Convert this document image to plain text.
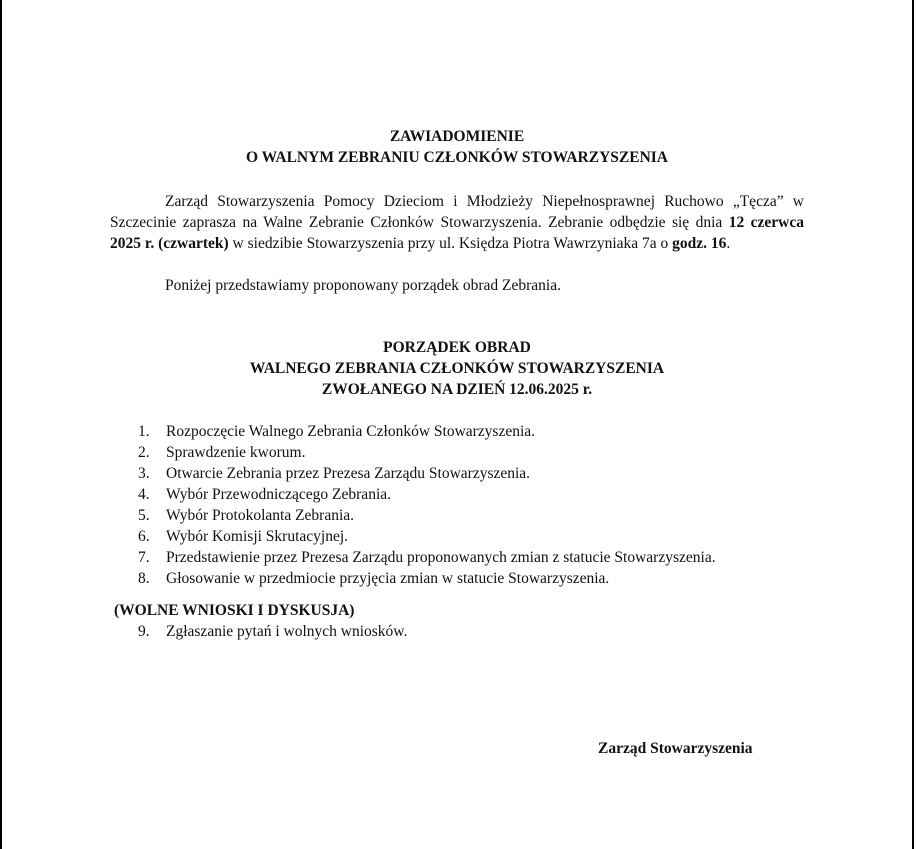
ZAWIADOMIENIE

O WALNYM ZEBRANIU CZŁONKÓW STOWARZYSZENIA

Zarząd Stowarzyszenia Pomocy Dzieciom i Młodzieży Niepełnosprawnej Ruchowo „Tęcza” w Szczecinie zaprasza na Walne Zebranie Członków Stowarzyszenia. Zebranie odbędzie się dnia 12 czerwca 2025 r. (czwartek) w siedzibie Stowarzyszenia przy ul. Księdza Piotra Wawrzyniaka 7a o godz. 16.

Poniżej przedstawiamy proponowany porządek obrad Zebrania.

PORZĄDEK OBRAD

WALNEGO ZEBRANIA CZŁONKÓW STOWARZYSZENIA

ZWOŁANEGO NA DZIEŃ 12.06.2025 r.

1.	Rozpoczęcie Walnego Zebrania Członków Stowarzyszenia.
2.	Sprawdzenie kworum.
3.	Otwarcie Zebrania przez Prezesa Zarządu Stowarzyszenia.
4.	Wybór Przewodniczącego Zebrania.
5.	Wybór Protokolanta Zebrania.
6.	Wybór Komisji Skrutacyjnej.
7.	Przedstawienie przez Prezesa Zarządu proponowanych zmian z statucie Stowarzyszenia.
8.	Głosowanie w przedmiocie przyjęcia zmian w statucie Stowarzyszenia.
(WOLNE WNIOSKI I DYSKUSJA)
9.	Zgłaszanie pytań i wolnych wniosków.
Zarząd Stowarzyszenia
